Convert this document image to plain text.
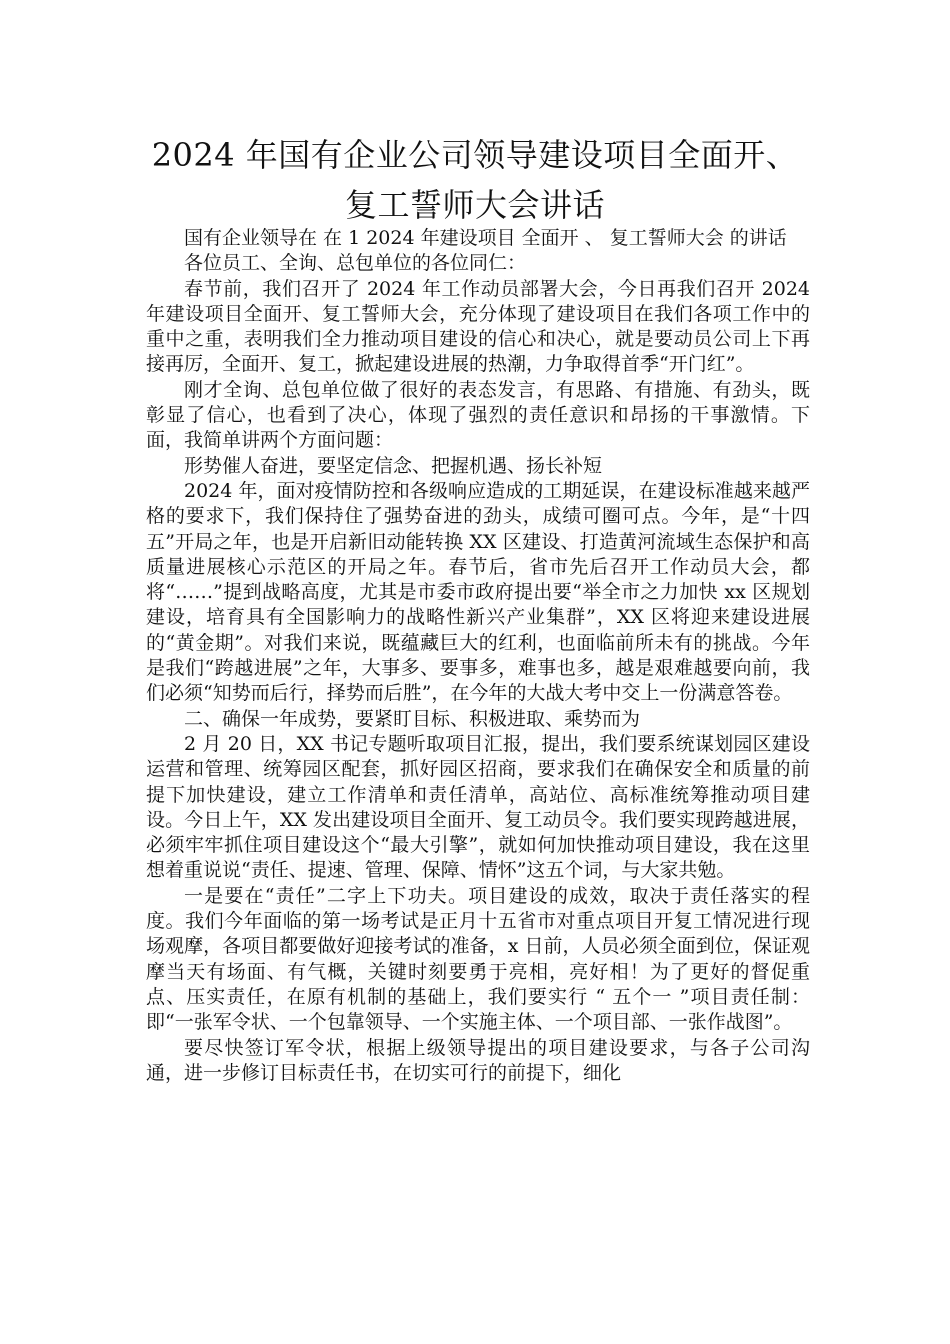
2024 年国有企业公司领导建设项目全面开、
复工誓师大会讲话

国有企业领导在 在 1 2024 年建设项目 全面开 、 复工誓师大会 的讲话

各位员工、全询、总包单位的各位同仁：

春节前，我们召开了 2024 年工作动员部署大会，今日再我们召开 2024 年建设项目全面开、复工誓师大会，充分体现了建设项目在我们各项工作中的重中之重，表明我们全力推动项目建设的信心和决心，就是要动员公司上下再接再厉，全面开、复工，掀起建设进展的热潮，力争取得首季“开门红”。

刚才全询、总包单位做了很好的表态发言，有思路、有措施、有劲头，既彰显了信心，也看到了决心，体现了强烈的责任意识和昂扬的干事激情。下面，我简单讲两个方面问题：

形势催人奋进，要坚定信念、把握机遇、扬长补短

2024 年，面对疫情防控和各级响应造成的工期延误，在建设标准越来越严格的要求下，我们保持住了强势奋进的劲头，成绩可圈可点。今年，是“十四五”开局之年，也是开启新旧动能转换 XX 区建设、打造黄河流域生态保护和高质量进展核心示范区的开局之年。春节后，省市先后召开工作动员大会，都将“……”提到战略高度，尤其是市委市政府提出要“举全市之力加快 xx 区规划建设，培育具有全国影响力的战略性新兴产业集群”，XX 区将迎来建设进展的“黄金期”。对我们来说，既蕴藏巨大的红利，也面临前所未有的挑战。今年是我们“跨越进展”之年，大事多、要事多，难事也多，越是艰难越要向前，我们必须“知势而后行，择势而后胜”，在今年的大战大考中交上一份满意答卷。

二、确保一年成势，要紧盯目标、积极进取、乘势而为

2 月 20 日，XX 书记专题听取项目汇报，提出，我们要系统谋划园区建设运营和管理、统筹园区配套，抓好园区招商，要求我们在确保安全和质量的前提下加快建设，建立工作清单和责任清单，高站位、高标准统筹推动项目建设。今日上午，XX 发出建设项目全面开、复工动员令。我们要实现跨越进展，必须牢牢抓住项目建设这个“最大引擎”，就如何加快推动项目建设，我在这里想着重说说“责任、提速、管理、保障、情怀”这五个词，与大家共勉。

一是要在“责任”二字上下功夫。项目建设的成效，取决于责任落实的程度。我们今年面临的第一场考试是正月十五省市对重点项目开复工情况进行现场观摩，各项目都要做好迎接考试的准备，x 日前，人员必须全面到位，保证观摩当天有场面、有气概，关键时刻要勇于亮相，亮好相！为了更好的督促重点、压实责任，在原有机制的基础上，我们要实行 “ 五个一 ”项目责任制：即“一张军令状、一个包靠领导、一个实施主体、一个项目部、一张作战图”。

要尽快签订军令状，根据上级领导提出的项目建设要求，与各子公司沟通，进一步修订目标责任书，在切实可行的前提下，细化
